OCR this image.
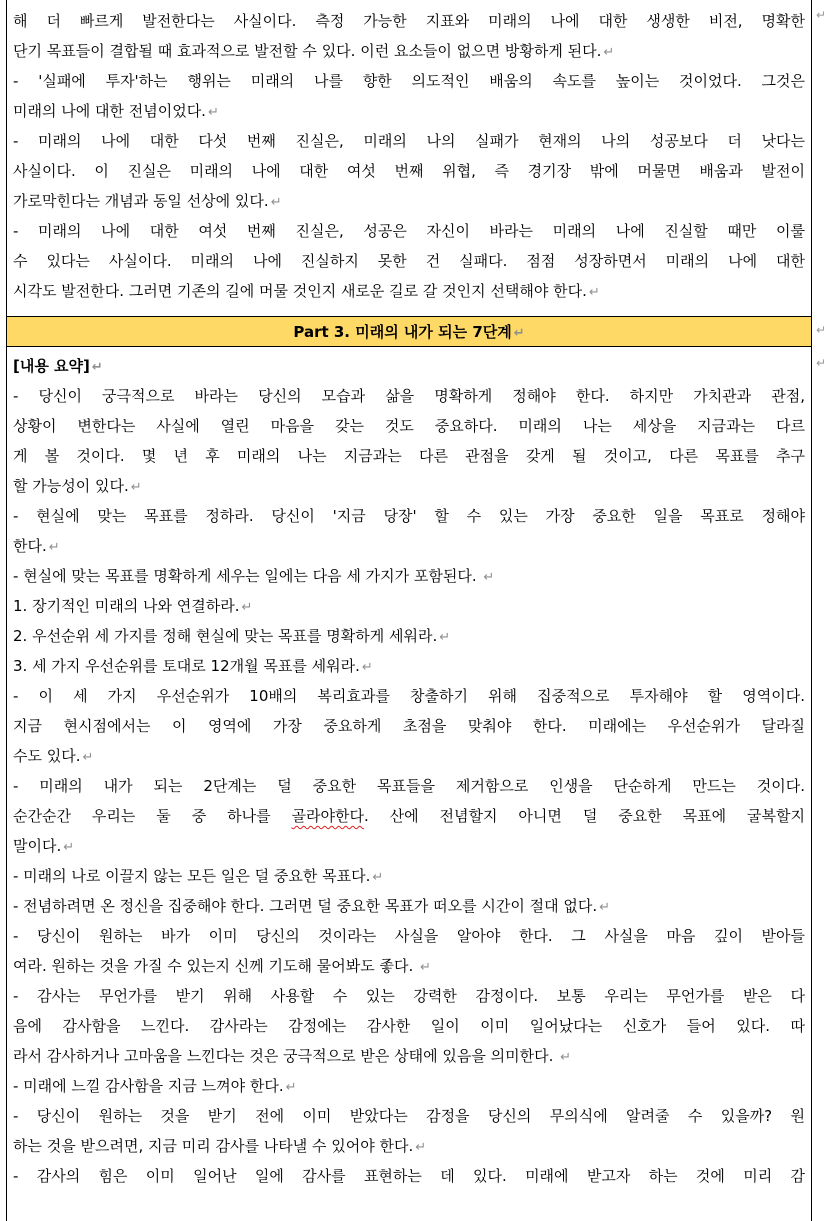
해 더 빠르게 발전한다는 사실이다. 측정 가능한 지표와 미래의 나에 대한 생생한 비전, 명확한
단기 목표들이 결합될 때 효과적으로 발전할 수 있다. 이런 요소들이 없으면 방황하게 된다. ↵
- '실패에 투자'하는 행위는 미래의 나를 향한 의도적인 배움의 속도를 높이는 것이었다. 그것은
미래의 나에 대한 전념이었다. ↵
- 미래의 나에 대한 다섯 번째 진실은, 미래의 나의 실패가 현재의 나의 성공보다 더 낫다는
사실이다. 이 진실은 미래의 나에 대한 여섯 번째 위협, 즉 경기장 밖에 머물면 배움과 발전이
가로막힌다는 개념과 동일 선상에 있다. ↵
- 미래의 나에 대한 여섯 번째 진실은, 성공은 자신이 바라는 미래의 나에 진실할 때만 이룰
수 있다는 사실이다. 미래의 나에 진실하지 못한 건 실패다. 점점 성장하면서 미래의 나에 대한
시각도 발전한다. 그러면 기존의 길에 머물 것인지 새로운 길로 갈 것인지 선택해야 한다. ↵
Part 3. 미래의 내가 되는 7단계 ↵
[내용 요약] ↵
- 당신이 궁극적으로 바라는 당신의 모습과 삶을 명확하게 정해야 한다. 하지만 가치관과 관점,
상황이 변한다는 사실에 열린 마음을 갖는 것도 중요하다. 미래의 나는 세상을 지금과는 다르
게 볼 것이다. 몇 년 후 미래의 나는 지금과는 다른 관점을 갖게 될 것이고, 다른 목표를 추구
할 가능성이 있다. ↵
- 현실에 맞는 목표를 정하라. 당신이 '지금 당장' 할 수 있는 가장 중요한 일을 목표로 정해야
한다. ↵
- 현실에 맞는 목표를 명확하게 세우는 일에는 다음 세 가지가 포함된다. ↵
1. 장기적인 미래의 나와 연결하라. ↵
2. 우선순위 세 가지를 정해 현실에 맞는 목표를 명확하게 세워라. ↵
3. 세 가지 우선순위를 토대로 12개월 목표를 세워라. ↵
- 이 세 가지 우선순위가 10배의 복리효과를 창출하기 위해 집중적으로 투자해야 할 영역이다.
지금 현시점에서는 이 영역에 가장 중요하게 초점을 맞춰야 한다. 미래에는 우선순위가 달라질
수도 있다. ↵
- 미래의 내가 되는 2단계는 덜 중요한 목표들을 제거함으로 인생을 단순하게 만드는 것이다.
순간순간 우리는 둘 중 하나를 골라야한다. 산에 전념할지 아니면 덜 중요한 목표에 굴복할지
말이다. ↵
- 미래의 나로 이끌지 않는 모든 일은 덜 중요한 목표다. ↵
- 전념하려면 온 정신을 집중해야 한다. 그러면 덜 중요한 목표가 떠오를 시간이 절대 없다. ↵
- 당신이 원하는 바가 이미 당신의 것이라는 사실을 알아야 한다. 그 사실을 마음 깊이 받아들
여라. 원하는 것을 가질 수 있는지 신께 기도해 물어봐도 좋다. ↵
- 감사는 무언가를 받기 위해 사용할 수 있는 강력한 감정이다. 보통 우리는 무언가를 받은 다
음에 감사함을 느낀다. 감사라는 감정에는 감사한 일이 이미 일어났다는 신호가 들어 있다. 따
라서 감사하거나 고마움을 느낀다는 것은 궁극적으로 받은 상태에 있음을 의미한다. ↵
- 미래에 느낄 감사함을 지금 느껴야 한다. ↵
- 당신이 원하는 것을 받기 전에 이미 받았다는 감정을 당신의 무의식에 알려줄 수 있을까? 원
하는 것을 받으려면, 지금 미리 감사를 나타낼 수 있어야 한다. ↵
- 감사의 힘은 이미 일어난 일에 감사를 표현하는 데 있다. 미래에 받고자 하는 것에 미리 감
↵
↵
↵
